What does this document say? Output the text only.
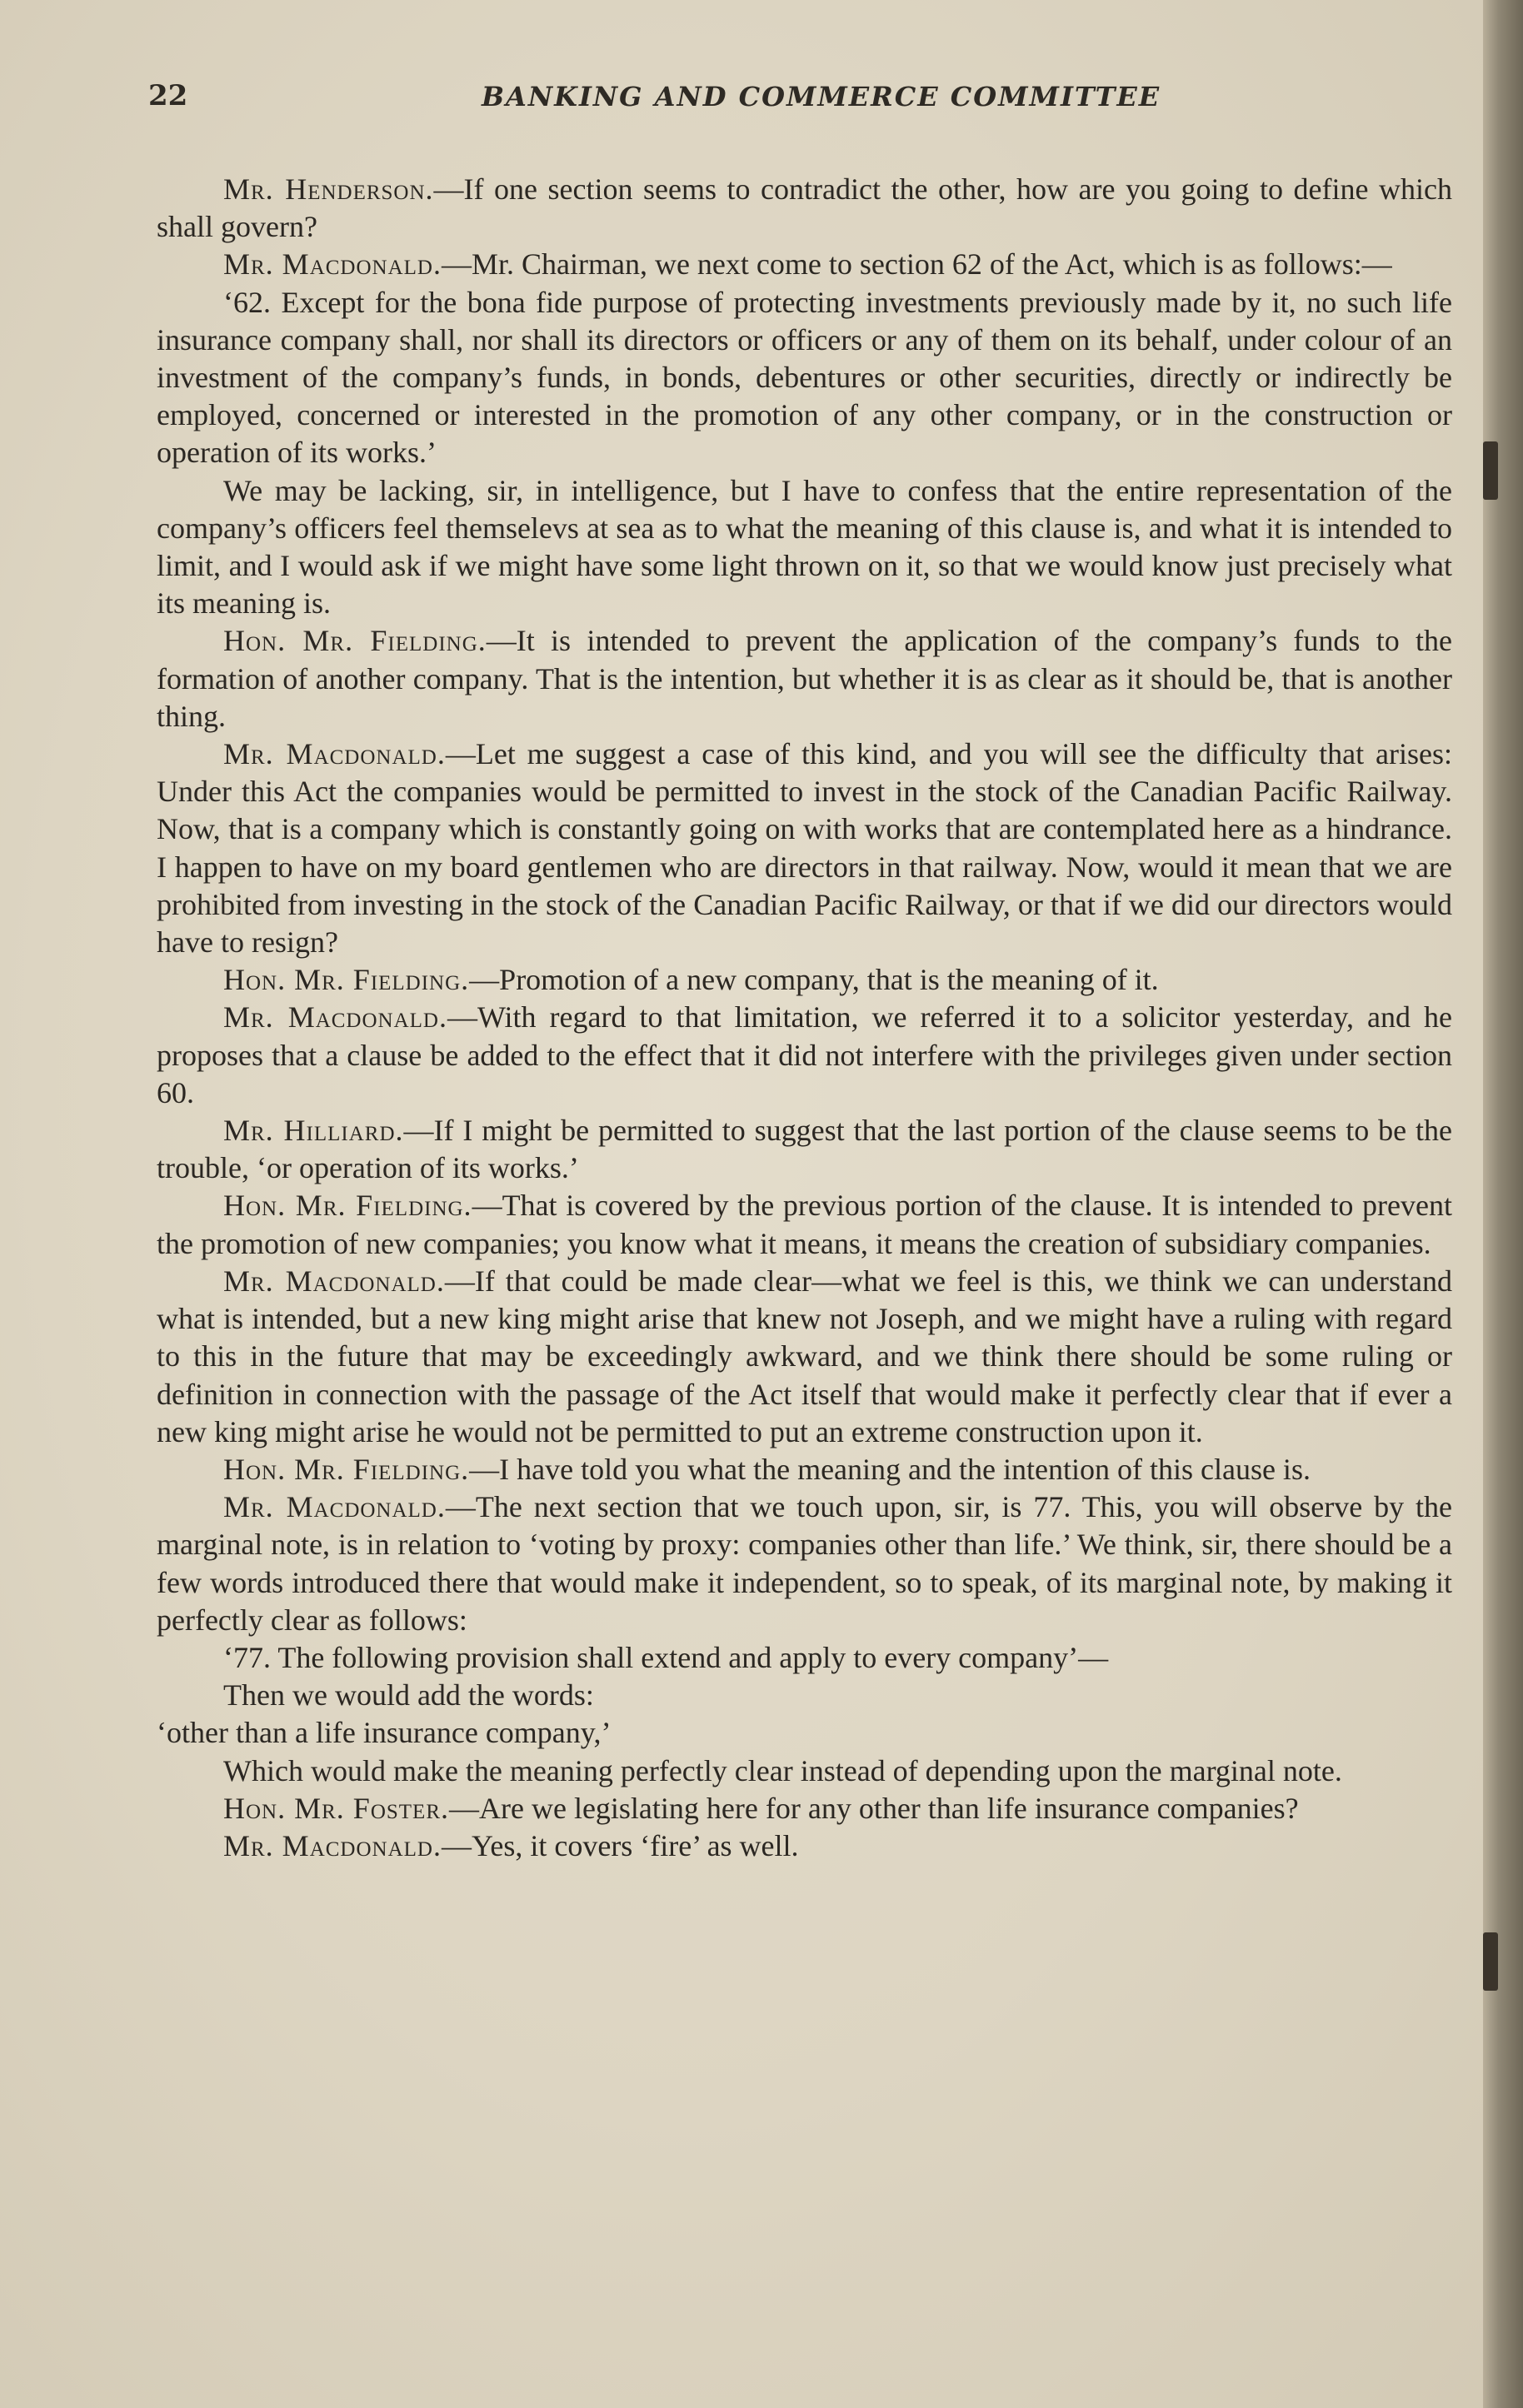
22	BANKING AND COMMERCE COMMITTEE

Mr. Henderson.—If one section seems to contradict the other, how are you going to define which shall govern?

Mr. Macdonald.—Mr. Chairman, we next come to section 62 of the Act, which is as follows:—

‘62. Except for the bona fide purpose of protecting investments previously made by it, no such life insurance company shall, nor shall its directors or officers or any of them on its behalf, under colour of an investment of the company’s funds, in bonds, debentures or other securities, directly or indirectly be employed, concerned or interested in the promotion of any other company, or in the construction or operation of its works.’

We may be lacking, sir, in intelligence, but I have to confess that the entire representation of the company’s officers feel themselevs at sea as to what the meaning of this clause is, and what it is intended to limit, and I would ask if we might have some light thrown on it, so that we would know just precisely what its meaning is.

Hon. Mr. Fielding.—It is intended to prevent the application of the company’s funds to the formation of another company. That is the intention, but whether it is as clear as it should be, that is another thing.

Mr. Macdonald.—Let me suggest a case of this kind, and you will see the difficulty that arises: Under this Act the companies would be permitted to invest in the stock of the Canadian Pacific Railway. Now, that is a company which is constantly going on with works that are contemplated here as a hindrance. I happen to have on my board gentlemen who are directors in that railway. Now, would it mean that we are prohibited from investing in the stock of the Canadian Pacific Railway, or that if we did our directors would have to resign?

Hon. Mr. Fielding.—Promotion of a new company, that is the meaning of it.

Mr. Macdonald.—With regard to that limitation, we referred it to a solicitor yesterday, and he proposes that a clause be added to the effect that it did not interfere with the privileges given under section 60.

Mr. Hilliard.—If I might be permitted to suggest that the last portion of the clause seems to be the trouble, ‘or operation of its works.’

Hon. Mr. Fielding.—That is covered by the previous portion of the clause. It is intended to prevent the promotion of new companies; you know what it means, it means the creation of subsidiary companies.

Mr. Macdonald.—If that could be made clear—what we feel is this, we think we can understand what is intended, but a new king might arise that knew not Joseph, and we might have a ruling with regard to this in the future that may be exceedingly awkward, and we think there should be some ruling or definition in connection with the passage of the Act itself that would make it perfectly clear that if ever a new king might arise he would not be permitted to put an extreme construction upon it.

Hon. Mr. Fielding.—I have told you what the meaning and the intention of this clause is.

Mr. Macdonald.—The next section that we touch upon, sir, is 77. This, you will observe by the marginal note, is in relation to ‘voting by proxy: companies other than life.’ We think, sir, there should be a few words introduced there that would make it independent, so to speak, of its marginal note, by making it perfectly clear as follows:

‘77. The following provision shall extend and apply to every company’—

Then we would add the words:

‘other than a life insurance company,’

Which would make the meaning perfectly clear instead of depending upon the marginal note.

Hon. Mr. Foster.—Are we legislating here for any other than life insurance companies?

Mr. Macdonald.—Yes, it covers ‘fire’ as well.
